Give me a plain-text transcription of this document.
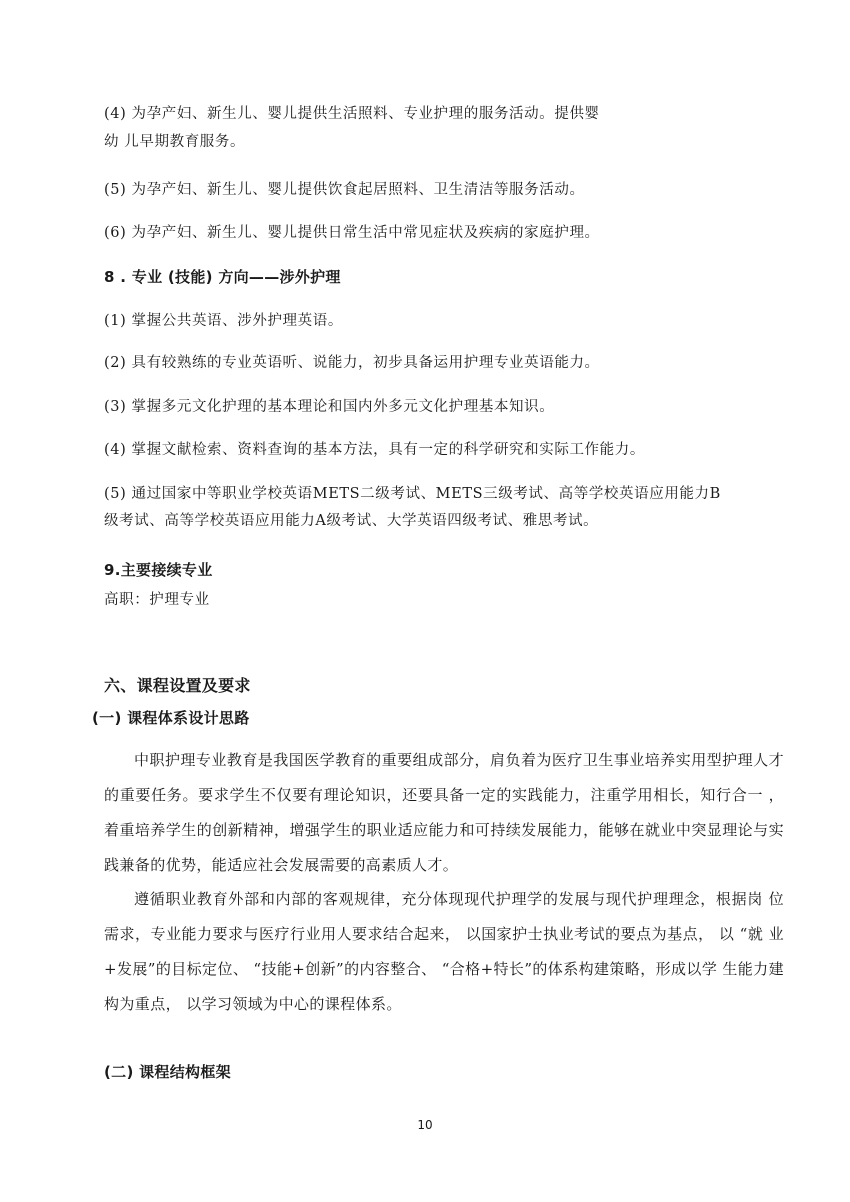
(4) 为孕产妇、新生儿、婴儿提供生活照料、专业护理的服务活动。提供婴
幼 儿早期教育服务。
(5) 为孕产妇、新生儿、婴儿提供饮食起居照料、卫生清洁等服务活动。
(6) 为孕产妇、新生儿、婴儿提供日常生活中常见症状及疾病的家庭护理。
8 . 专业 (技能) 方向——涉外护理
(1) 掌握公共英语、涉外护理英语。
(2) 具有较熟练的专业英语听、说能力，初步具备运用护理专业英语能力。
(3) 掌握多元文化护理的基本理论和国内外多元文化护理基本知识。
(4) 掌握文献检索、资料查询的基本方法，具有一定的科学研究和实际工作能力。
(5) 通过国家中等职业学校英语METS二级考试、METS三级考试、高等学校英语应用能力B
级考试、高等学校英语应用能力A级考试、大学英语四级考试、雅思考试。
9.主要接续专业
高职：护理专业
六、课程设置及要求
(一) 课程体系设计思路
中职护理专业教育是我国医学教育的重要组成部分，肩负着为医疗卫生事业培养实用型护理人才的重要任务。要求学生不仅要有理论知识，还要具备一定的实践能力，注重学用相长，知行合一 ，着重培养学生的创新精神，增强学生的职业适应能力和可持续发展能力，能够在就业中突显理论与实践兼备的优势，能适应社会发展需要的高素质人才。
遵循职业教育外部和内部的客观规律，充分体现现代护理学的发展与现代护理理念，根据岗 位需求，专业能力要求与医疗行业用人要求结合起来， 以国家护士执业考试的要点为基点， 以 “就 业+发展”的目标定位、 “技能+创新”的内容整合、 “合格+特长”的体系构建策略，形成以学 生能力建构为重点， 以学习领域为中心的课程体系。
(二) 课程结构框架
10
